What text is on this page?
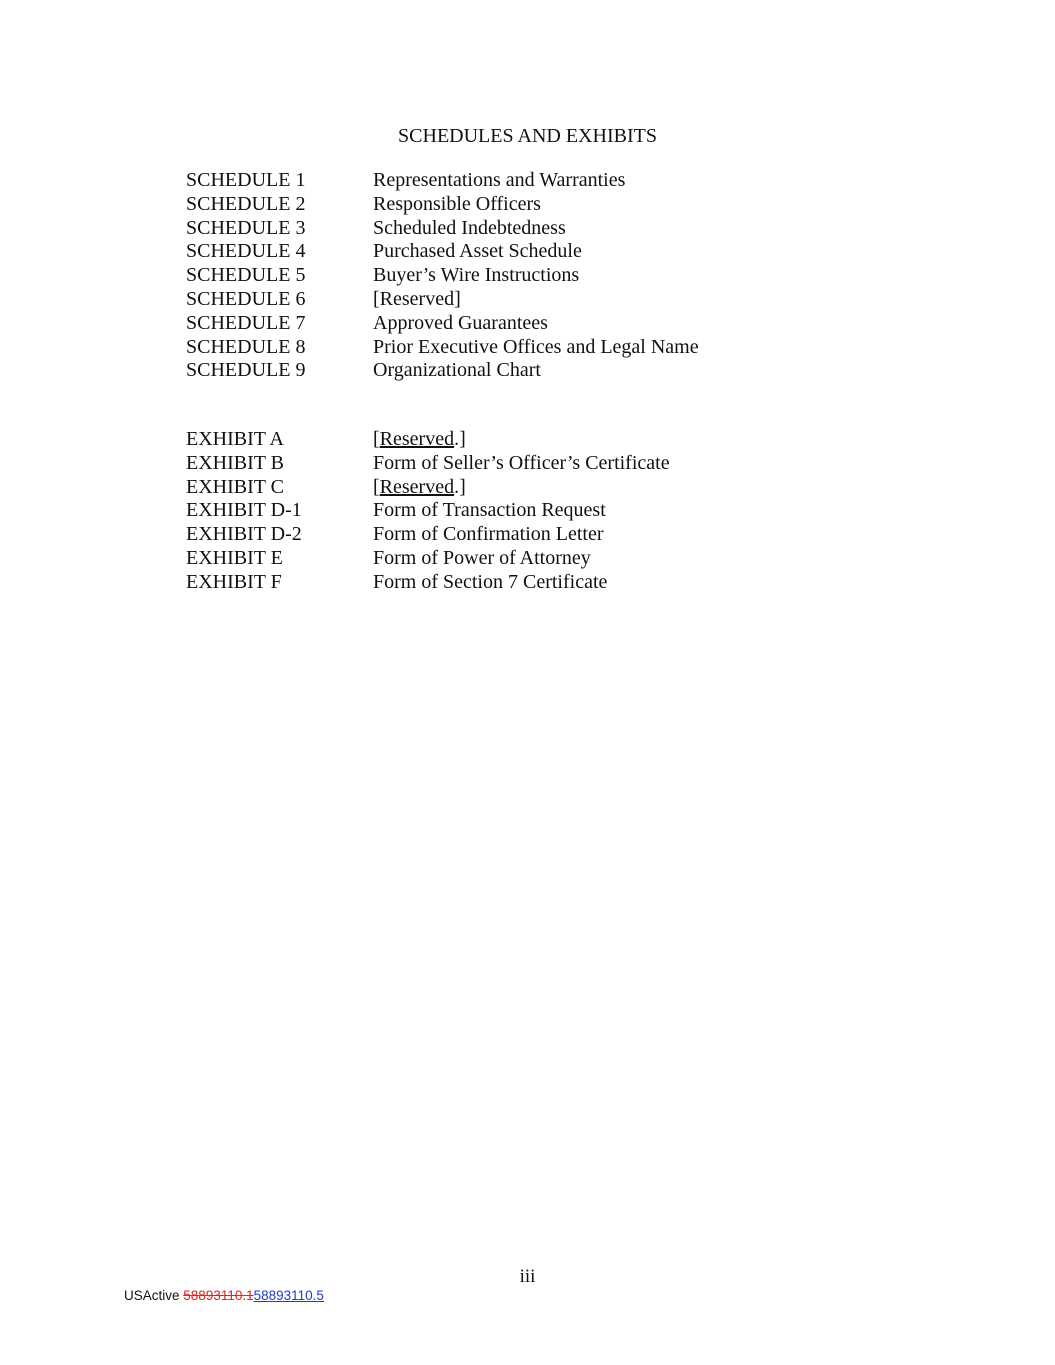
SCHEDULES AND EXHIBITS
SCHEDULE 1	Representations and Warranties
SCHEDULE 2	Responsible Officers
SCHEDULE 3	Scheduled Indebtedness
SCHEDULE 4	Purchased Asset Schedule
SCHEDULE 5	Buyer’s Wire Instructions
SCHEDULE 6	[Reserved]
SCHEDULE 7	Approved Guarantees
SCHEDULE 8	Prior Executive Offices and Legal Name
SCHEDULE 9	Organizational Chart
EXHIBIT A	[Reserved.]
EXHIBIT B	Form of Seller’s Officer’s Certificate
EXHIBIT C	[Reserved.]
EXHIBIT D-1	Form of Transaction Request
EXHIBIT D-2	Form of Confirmation Letter
EXHIBIT E	Form of Power of Attorney
EXHIBIT F	Form of Section 7 Certificate
iii
USActive 58893110.158893110.5
